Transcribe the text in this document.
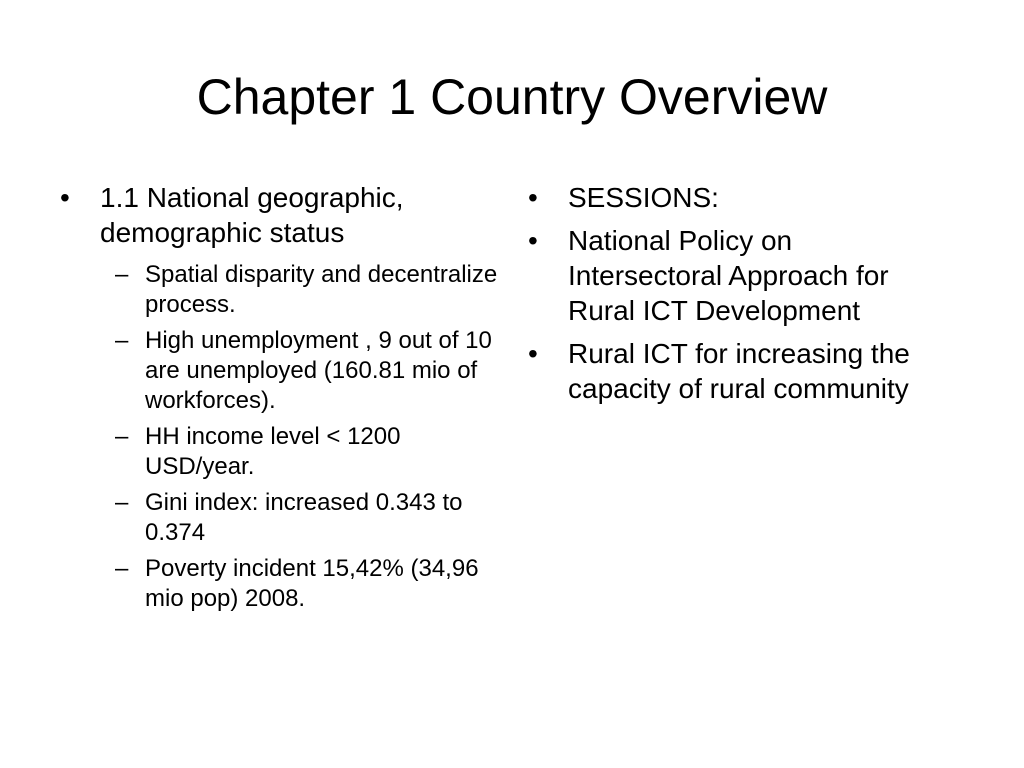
Chapter 1 Country Overview
•	1.1 National geographic, demographic status
– Spatial disparity and decentralize process.
– High unemployment , 9 out of 10 are unemployed (160.81 mio of workforces).
– HH income level < 1200 USD/year.
– Gini index: increased 0.343 to 0.374
– Poverty incident 15,42% (34,96 mio pop) 2008.
•	SESSIONS:
•	National Policy on Intersectoral Approach for Rural ICT Development
•	Rural ICT for increasing the capacity of rural community
